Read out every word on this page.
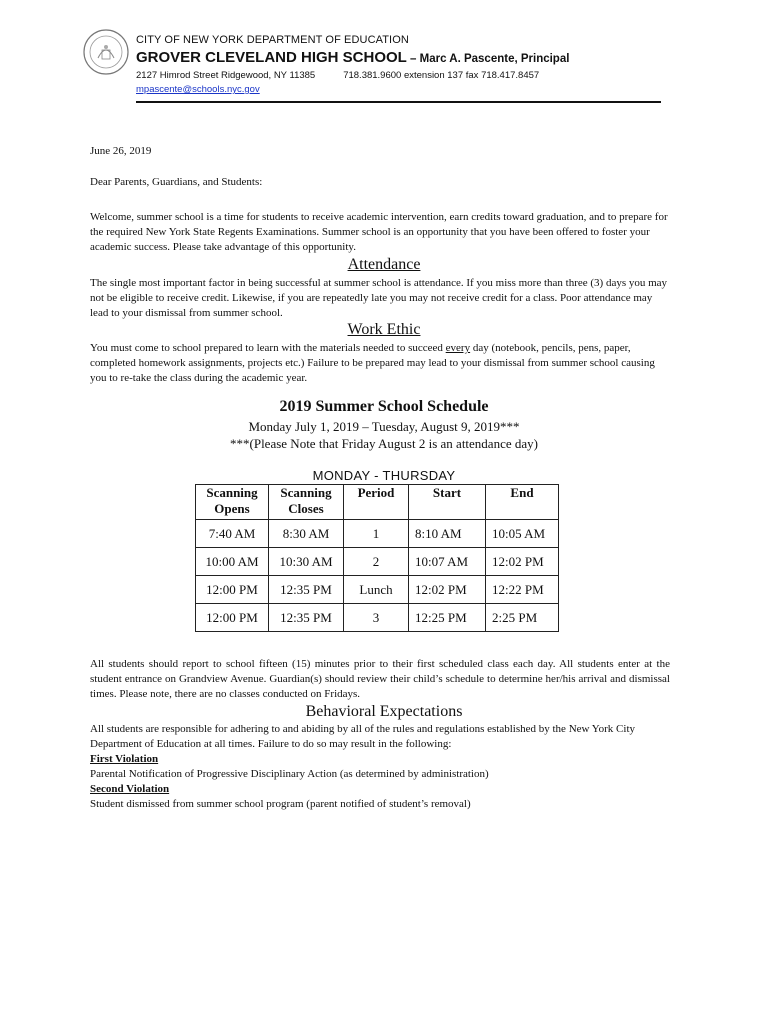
CITY OF NEW YORK DEPARTMENT OF EDUCATION
GROVER CLEVELAND HIGH SCHOOL – Marc A. Pascente, Principal
2127 Himrod Street Ridgewood, NY 11385	718.381.9600 extension 137 fax 718.417.8457
mpascente@schools.nyc.gov
June 26, 2019
Dear Parents, Guardians, and Students:
Welcome, summer school is a time for students to receive academic intervention, earn credits toward graduation, and to prepare for the required New York State Regents Examinations. Summer school is an opportunity that you have been offered to foster your academic success. Please take advantage of this opportunity.
Attendance
The single most important factor in being successful at summer school is attendance. If you miss more than three (3) days you may not be eligible to receive credit. Likewise, if you are repeatedly late you may not receive credit for a class. Poor attendance may lead to your dismissal from summer school.
Work Ethic
You must come to school prepared to learn with the materials needed to succeed every day (notebook, pencils, pens, paper, completed homework assignments, projects etc.) Failure to be prepared may lead to your dismissal from summer school causing you to re-take the class during the academic year.
2019 Summer School Schedule
Monday July 1, 2019 – Tuesday, August 9, 2019***
***(Please Note that Friday August 2 is an attendance day)
MONDAY - THURSDAY
Scanning Opens	Scanning Closes	Period	Start	End
7:40 AM	8:30 AM	1	8:10 AM	10:05 AM
10:00 AM	10:30 AM	2	10:07 AM	12:02 PM
12:00 PM	12:35 PM	Lunch	12:02 PM	12:22 PM
12:00 PM	12:35 PM	3	12:25 PM	2:25 PM
All students should report to school fifteen (15) minutes prior to their first scheduled class each day. All students enter at the student entrance on Grandview Avenue. Guardian(s) should review their child’s schedule to determine her/his arrival and dismissal times. Please note, there are no classes conducted on Fridays.
Behavioral Expectations
All students are responsible for adhering to and abiding by all of the rules and regulations established by the New York City Department of Education at all times. Failure to do so may result in the following:
First Violation
Parental Notification of Progressive Disciplinary Action (as determined by administration)
Second Violation
Student dismissed from summer school program (parent notified of student’s removal)
